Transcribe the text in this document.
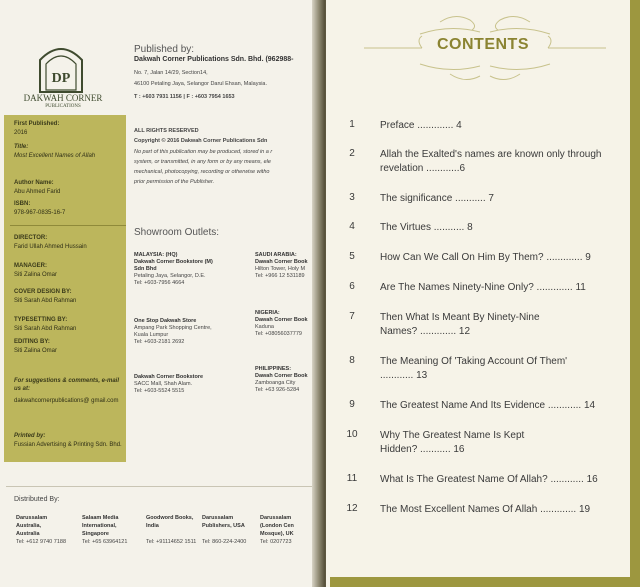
DP
DAKWAH CORNER
PUBLICATIONS
Published by:
Dakwah Corner Publications Sdn. Bhd. (962988-
No. 7, Jalan 14/29, Section14,
46100 Petaling Jaya, Selangor Darul Ehsan, Malaysia.
T : +603 7931 1156 | F : +603 7954 1653
First Published:
2016
Title:
Most Excellent Names of Allah
Author Name:
Abu Ahmed Farid
ISBN:
978-967-0835-16-7
DIRECTOR:
Farid Ullah Ahmed Hussain
MANAGER:
Siti Zalina Omar
COVER DESIGN BY:
Siti Sarah Abd Rahman
TYPESETTING BY:
Siti Sarah Abd Rahman
EDITING BY:
Siti Zalina Omar
For suggestions & comments, e-mail us at:
dakwahcornerpublications@ gmail.com
Printed by:
Fussian Advertising & Printing Sdn. Bhd.
ALL RIGHTS RESERVED
Copyright © 2016 Dakwah Corner Publications Sdn
No part of this publication may be produced, stored in a r
system, or transmitted, in any form or by any means, ele
mechanical, photocopying, recording or otherwise witho
prior permission of the Publisher.
Showroom Outlets:
MALAYSIA: (HQ)
Dakwah Corner Bookstore (M)
Sdn Bhd
Petaling Jaya, Selangor, D.E.
Tel: +603-7956 4664
One Stop Dakwah Store
Ampang Park Shopping Centre,
Kuala Lumpur
Tel: +603-2181 2692
Dakwah Corner Bookstore
SACC Mall, Shah Alam.
Tel: +603-5524 5515
SAUDI ARABIA:
Dawah Corner Book
Hilton Tower, Holy M
Tel: +966 12 531189
NIGERIA:
Dawah Corner Book
Kaduna
Tel: +08056037779
PHILIPPINES:
Dawah Corner Book
Zamboanga City
Tel: +63 926-5284
Distributed By:
Darussalam
Australia,
Australia
Tel: +612 9740 7188
Salaam Media
International,
Singapore
Tel: +65 63964121
Goodword Books,
India
Tel: +91114652 1511
Darussalam
Publishers, USA
Tel: 860-224-2400
Darussalam
(London Cen
Mosque), UK
Tel: 0207723
CONTENTS
1	Preface ............. 4
2	Allah the Exalted's names are known only through revelation ............6
3	The significance ........... 7
4	The Virtues ........... 8
5	How Can We Call On Him By Them? ............. 9
6	Are The Names Ninety-Nine Only? ............. 11
7	Then What Is Meant By Ninety-Nine Names? ............. 12
8	The Meaning Of 'Taking Account Of Them' ............ 13
9	The Greatest Name And Its Evidence ............ 14
10	Why The Greatest Name Is Kept Hidden? ........... 16
11	What Is The Greatest Name Of Allah? ............ 16
12	The Most Excellent Names Of Allah ............. 19
